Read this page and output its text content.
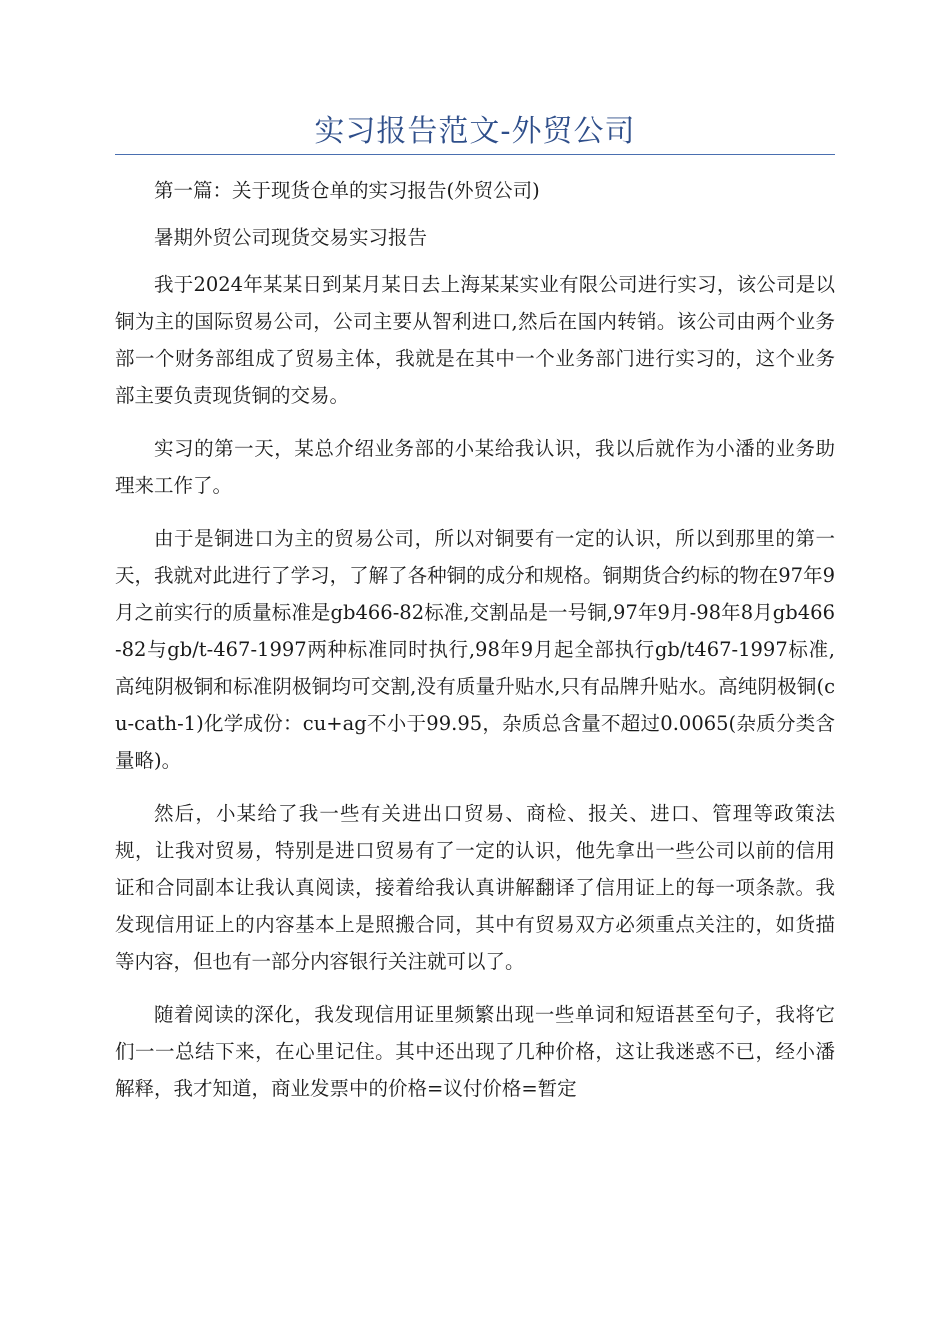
实习报告范文-外贸公司

第一篇：关于现货仓单的实习报告(外贸公司)

暑期外贸公司现货交易实习报告

我于2024年某某日到某月某日去上海某某实业有限公司进行实习，该公司是以铜为主的国际贸易公司，公司主要从智利进口,然后在国内转销。该公司由两个业务部一个财务部组成了贸易主体，我就是在其中一个业务部门进行实习的，这个业务部主要负责现货铜的交易。

实习的第一天，某总介绍业务部的小某给我认识，我以后就作为小潘的业务助理来工作了。

由于是铜进口为主的贸易公司，所以对铜要有一定的认识，所以到那里的第一天，我就对此进行了学习，了解了各种铜的成分和规格。铜期货合约标的物在97年9月之前实行的质量标准是gb466-82标准,交割品是一号铜,97年9月-98年8月gb466-82与gb/t-467-1997两种标准同时执行,98年9月起全部执行gb/t467-1997标准,高纯阴极铜和标准阴极铜均可交割,没有质量升贴水,只有品牌升贴水。高纯阴极铜(cu-cath-1)化学成份：cu+ag不小于99.95，杂质总含量不超过0.0065(杂质分类含量略)。

然后，小某给了我一些有关进出口贸易、商检、报关、进口、管理等政策法规，让我对贸易，特别是进口贸易有了一定的认识，他先拿出一些公司以前的信用证和合同副本让我认真阅读，接着给我认真讲解翻译了信用证上的每一项条款。我发现信用证上的内容基本上是照搬合同，其中有贸易双方必须重点关注的，如货描等内容，但也有一部分内容银行关注就可以了。

随着阅读的深化，我发现信用证里频繁出现一些单词和短语甚至句子，我将它们一一总结下来，在心里记住。其中还出现了几种价格，这让我迷惑不已，经小潘解释，我才知道，商业发票中的价格=议付价格=暂定
